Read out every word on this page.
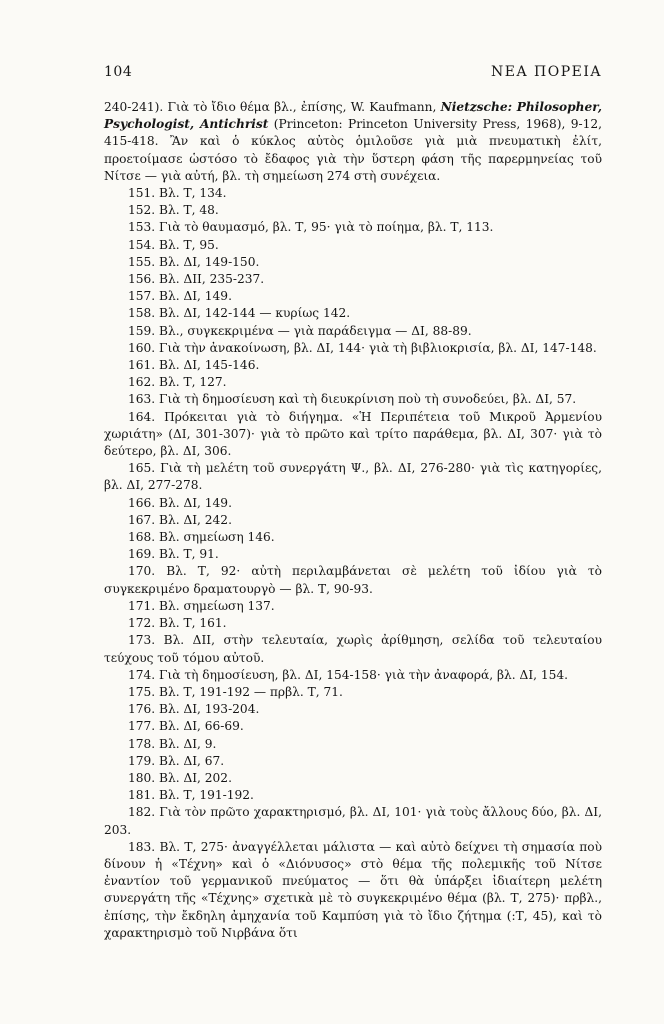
104	ΝΕΑ ΠΟΡΕΙΑ

240-241). Γιὰ τὸ ἴδιο θέμα βλ., ἐπίσης, W. Kaufmann, Nietzsche: Philosopher, Psychologist, Antichrist (Princeton: Princeton University Press, 1968), 9-12, 415-418. Ἂν καὶ ὁ κύκλος αὐτὸς ὁμιλοῦσε γιὰ μιὰ πνευματικὴ ἐλίτ, προετοίμασε ὡστόσο τὸ ἔδαφος γιὰ τὴν ὕστερη φάση τῆς παρερμηνείας τοῦ Νίτσε — γιὰ αὐτή, βλ. τὴ σημείωση 274 στὴ συνέχεια.

151. Βλ. Τ, 134.

152. Βλ. Τ, 48.

153. Γιὰ τὸ θαυμασμό, βλ. Τ, 95· γιὰ τὸ ποίημα, βλ. Τ, 113.

154. Βλ. Τ, 95.

155. Βλ. ΔΙ, 149-150.

156. Βλ. ΔΙΙ, 235-237.

157. Βλ. ΔΙ, 149.

158. Βλ. ΔΙ, 142-144 — κυρίως 142.

159. Βλ., συγκεκριμένα — γιὰ παράδειγμα — ΔΙ, 88-89.

160. Γιὰ τὴν ἀνακοίνωση, βλ. ΔΙ, 144· γιὰ τὴ βιβλιοκρισία, βλ. ΔΙ, 147-148.

161. Βλ. ΔΙ, 145-146.

162. Βλ. Τ, 127.

163. Γιὰ τὴ δημοσίευση καὶ τὴ διευκρίνιση ποὺ τὴ συνοδεύει, βλ. ΔΙ, 57.

164. Πρόκειται γιὰ τὸ διήγημα. «Ἡ Περιπέτεια τοῦ Μικροῦ Ἀρμενίου χωριάτη» (ΔΙ, 301-307)· γιὰ τὸ πρῶτο καὶ τρίτο παράθεμα, βλ. ΔΙ, 307· γιὰ τὸ δεύτερο, βλ. ΔΙ, 306.

165. Γιὰ τὴ μελέτη τοῦ συνεργάτη Ψ., βλ. ΔΙ, 276-280· γιὰ τὶς κατηγορίες, βλ. ΔΙ, 277-278.

166. Βλ. ΔΙ, 149.

167. Βλ. ΔΙ, 242.

168. Βλ. σημείωση 146.

169. Βλ. Τ, 91.

170. Βλ. Τ, 92· αὐτὴ περιλαμβάνεται σὲ μελέτη τοῦ ἰδίου γιὰ τὸ συγκεκριμένο δραματουργὸ — βλ. Τ, 90-93.

171. Βλ. σημείωση 137.

172. Βλ. Τ, 161.

173. Βλ. ΔΙΙ, στὴν τελευταία, χωρὶς ἀρίθμηση, σελίδα τοῦ τελευταίου τεύχους τοῦ τόμου αὐτοῦ.

174. Γιὰ τὴ δημοσίευση, βλ. ΔΙ, 154-158· γιὰ τὴν ἀναφορά, βλ. ΔΙ, 154.

175. Βλ. Τ, 191-192 — πρβλ. Τ, 71.

176. Βλ. ΔΙ, 193-204.

177. Βλ. ΔΙ, 66-69.

178. Βλ. ΔΙ, 9.

179. Βλ. ΔΙ, 67.

180. Βλ. ΔΙ, 202.

181. Βλ. Τ, 191-192.

182. Γιὰ τὸν πρῶτο χαρακτηρισμό, βλ. ΔΙ, 101· γιὰ τοὺς ἄλλους δύο, βλ. ΔΙ, 203.

183. Βλ. Τ, 275· ἀναγγέλλεται μάλιστα — καὶ αὐτὸ δείχνει τὴ σημασία ποὺ δίνουν ἡ «Τέχνη» καὶ ὁ «Διόνυσος» στὸ θέμα τῆς πολεμικῆς τοῦ Νίτσε ἐναντίον τοῦ γερμανικοῦ πνεύματος — ὅτι θὰ ὑπάρξει ἰδιαίτερη μελέτη συνεργάτη τῆς «Τέχνης» σχετικὰ μὲ τὸ συγκεκριμένο θέμα (βλ. Τ, 275)· πρβλ., ἐπίσης, τὴν ἔκδηλη ἀμηχανία τοῦ Καμπύση γιὰ τὸ ἴδιο ζήτημα (:Τ, 45), καὶ τὸ χαρακτηρισμὸ τοῦ Νιρβάνα ὅτι
